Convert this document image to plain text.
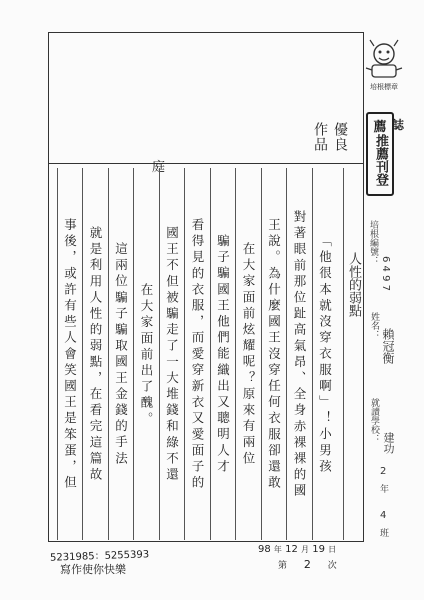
培根標章
薦
推薦刊登
誌
優良作品
庭
人性的弱點
「他很本就沒穿衣服啊」！小男孩
對著眼前那位趾高氣昂、全身赤裸裸的國
王說。為什麼國王沒穿任何衣服卻還敢
在大家面前炫耀呢？原來有兩位
騙子騙國王他們能織出又聰明人才
看得見的衣服，而愛穿新衣又愛面子的
國王不但被騙走了一大堆錢和綠不還
在大家面前出了醜。
這兩位騙子騙取國王金錢的手法
就是利用人性的弱點，在看完這篇故
事後，或許有些人會笑國王是笨蛋，但	培根編號：
6 4 9 7
姓名：
賴冠衡
就讀學校： 建功
2
年
4
班
5231985：5255393
寫作使你快樂
98 年 12 月 19 日
第 2 次
